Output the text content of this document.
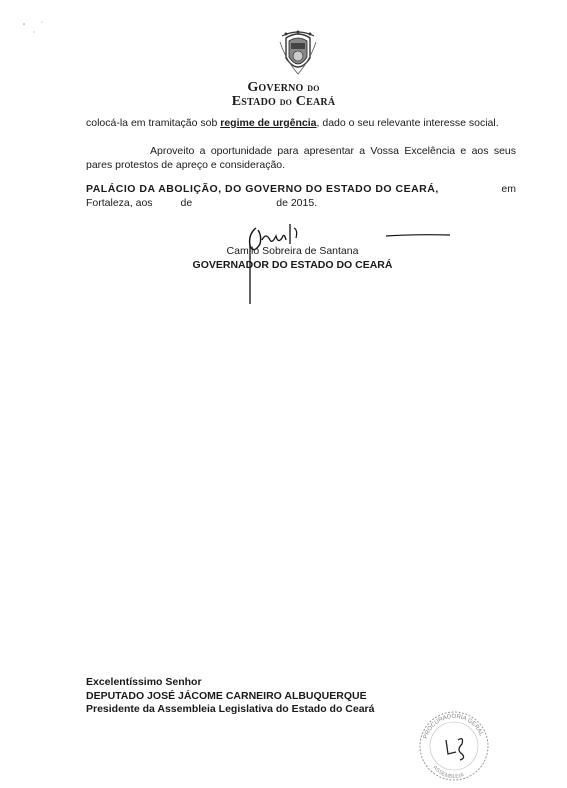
Governo do
Estado do Ceará
colocá-la em tramitação sob regime de urgência, dado o seu relevante interesse social.
Aproveito a oportunidade para apresentar a Vossa Excelência e aos seus pares protestos de apreço e consideração.
PALÁCIO DA ABOLIÇÃO, DO GOVERNO DO ESTADO DO CEARÁ,	em
Fortaleza, aos	de	de 2015.
Camilo Sobreira de Santana
GOVERNADOR DO ESTADO DO CEARÁ
Excelentíssimo Senhor
DEPUTADO JOSÉ JÁCOME CARNEIRO ALBUQUERQUE
Presidente da Assembleia Legislativa do Estado do Ceará
PROCURADORIA GERAL
ASSEMBLEIA
